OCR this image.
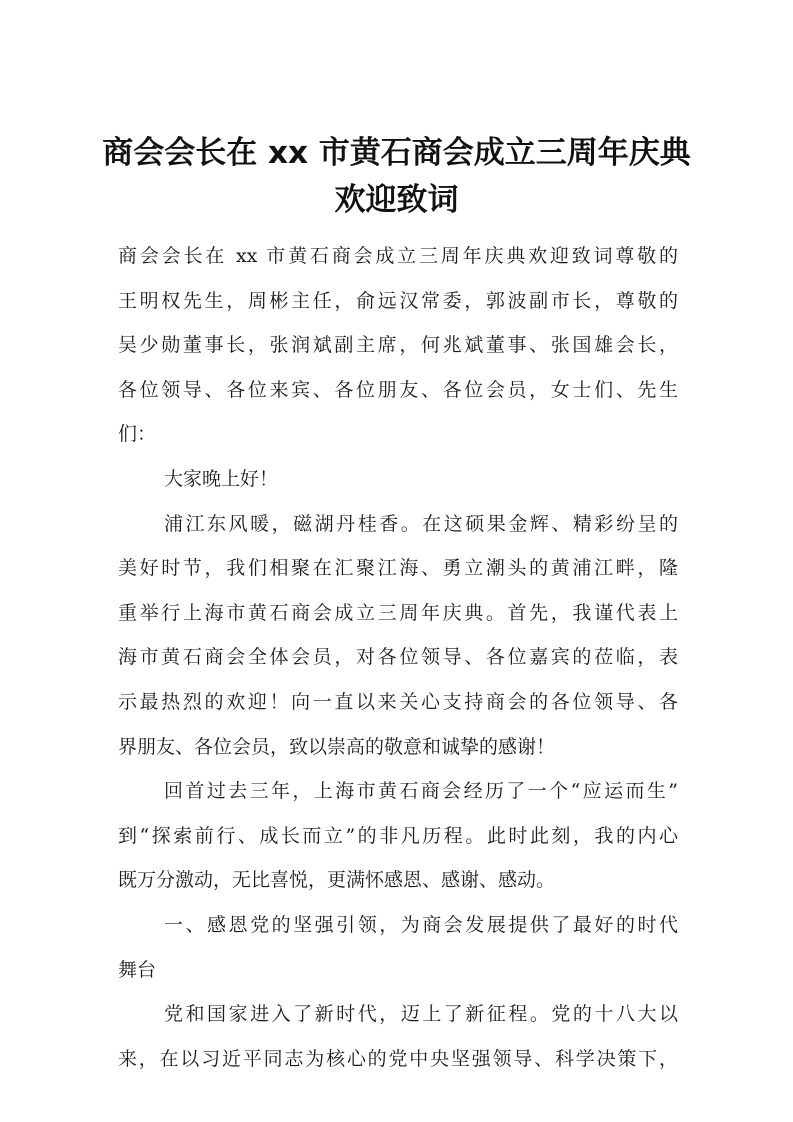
商会会长在 xx 市黄石商会成立三周年庆典
欢迎致词
商会会长在 xx 市黄石商会成立三周年庆典欢迎致词尊敬的
王明权先生，周彬主任，俞远汉常委，郭波副市长，尊敬的
吴少勋董事长，张润斌副主席，何兆斌董事、张国雄会长，
各位领导、各位来宾、各位朋友、各位会员，女士们、先生
们：
大家晚上好！
浦江东风暖，磁湖丹桂香。在这硕果金辉、精彩纷呈的
美好时节，我们相聚在汇聚江海、勇立潮头的黄浦江畔，隆
重举行上海市黄石商会成立三周年庆典。首先，我谨代表上
海市黄石商会全体会员，对各位领导、各位嘉宾的莅临，表
示最热烈的欢迎！向一直以来关心支持商会的各位领导、各
界朋友、各位会员，致以崇高的敬意和诚挚的感谢！
回首过去三年，上海市黄石商会经历了一个“应运而生”
到“探索前行、成长而立”的非凡历程。此时此刻，我的内心
既万分激动，无比喜悦，更满怀感恩、感谢、感动。
一、感恩党的坚强引领，为商会发展提供了最好的时代
舞台
党和国家进入了新时代，迈上了新征程。党的十八大以
来，在以习近平同志为核心的党中央坚强领导、科学决策下，
